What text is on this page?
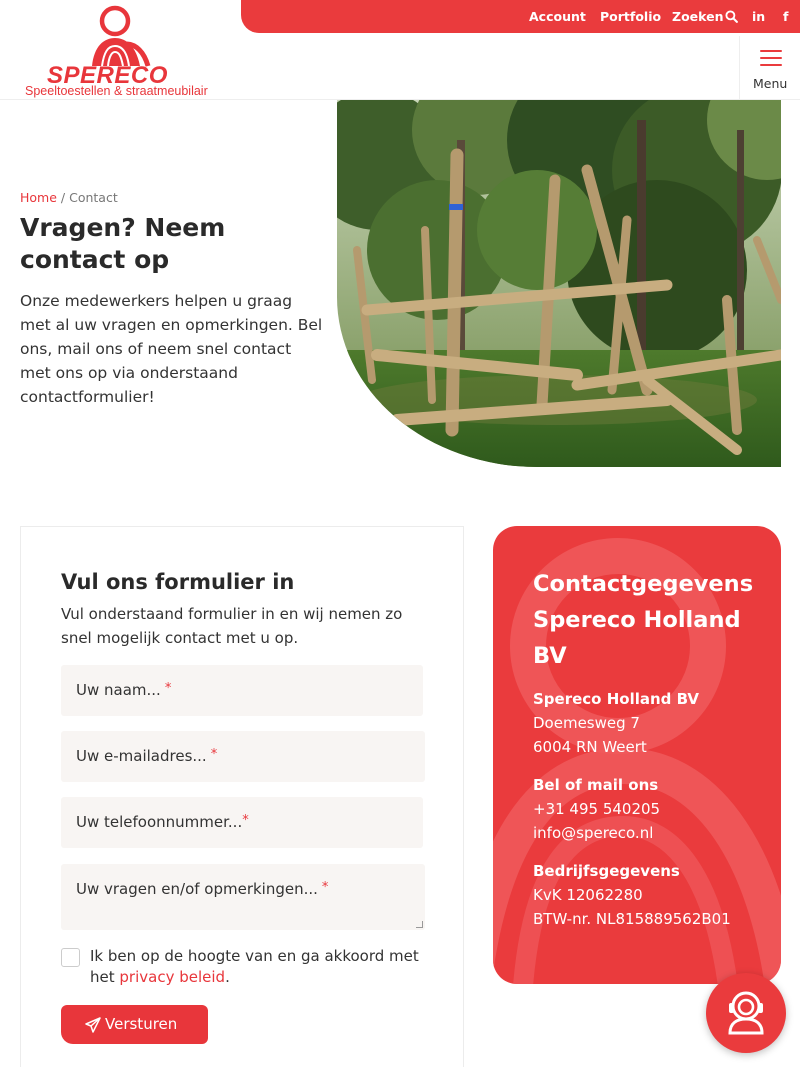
SPERECO
Speeltoestellen & straatmeubilair
Account Portfolio Zoeken	in f
Menu
Home / Contact
Vragen? Neem contact op

Onze medewerkers helpen u graag met al uw vragen en opmerkingen. Bel ons, mail ons of neem snel contact met ons op via onderstaand contactformulier!

Vul ons formulier in

Vul onderstaand formulier in en wij nemen zo snel mogelijk contact met u op.

Uw naam... *
Uw e-mailadres... *
Uw telefoonnummer...*
Uw vragen en/of opmerkingen... *

Ik ben op de hoogte van en ga akkoord met het privacy beleid.

Versturen
Contactgegevens Spereco Holland BV
Spereco Holland BV
Doemesweg 7
6004 RN Weert
Bel of mail ons
+31 495 540205
info@spereco.nl
Bedrijfsgegevens
KvK 12062280
BTW-nr. NL815889562B01
